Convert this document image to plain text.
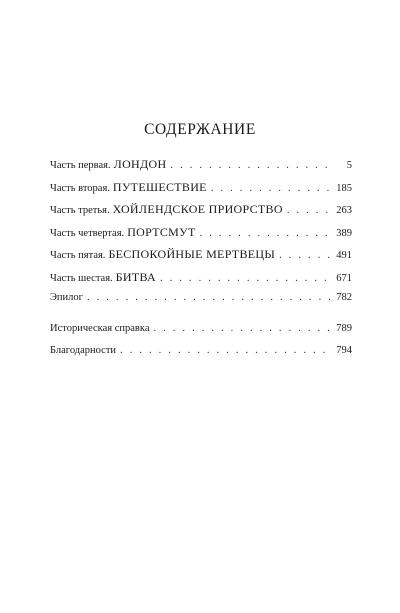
СОДЕРЖАНИЕ
Часть первая. ЛОНДОН . . .	5
Часть вторая. ПУТЕШЕСТВИЕ . . .	185
Часть третья. ХОЙЛЕНДСКОЕ ПРИОРСТВО . . .	263
Часть четвертая. ПОРТСМУТ . . .	389
Часть пятая. БЕСПОКОЙНЫЕ МЕРТВЕЦЫ . . .	491
Часть шестая. БИТВА . . .	671
Эпилог . . .	782
Историческая справка . . .	789
Благодарности . . .	794
